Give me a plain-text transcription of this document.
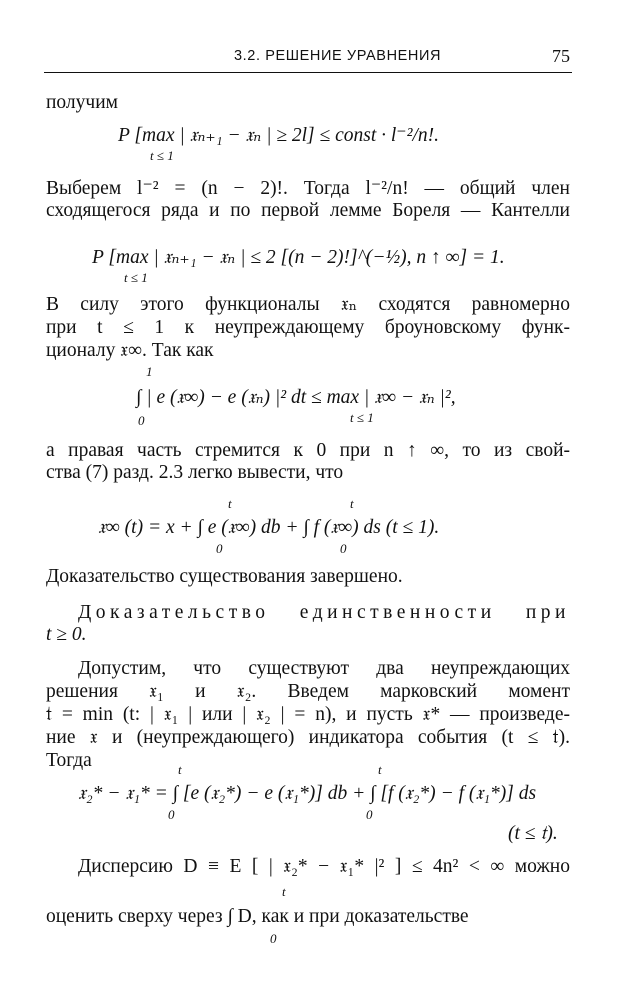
3.2. РЕШЕНИЕ УРАВНЕНИЯ	75
получим
P [max | 𝔵ₙ₊₁ − 𝔵ₙ | ≥ 2l] ≤ const · l⁻²/n!.
t ≤ 1
Выберем l⁻² = (n − 2)!. Тогда l⁻²/n! — общий член
сходящегося ряда и по первой лемме Бореля — Кантелли
P [max | 𝔵ₙ₊₁ − 𝔵ₙ | ≤ 2 [(n − 2)!]^(−½), n ↑ ∞] = 1.
t ≤ 1
В силу этого функционалы 𝔵ₙ сходятся равномерно
при t ≤ 1 к неупреждающему броуновскому функ-
ционалу 𝔵∞. Так как
1
∫ | e (𝔵∞) − e (𝔵ₙ) |² dt ≤ max | 𝔵∞ − 𝔵ₙ |²,
0	t ≤ 1
а правая часть стремится к 0 при n ↑ ∞, то из свой-
ства (7) разд. 2.3 легко вывести, что
t	t
𝔵∞ (t) = x + ∫ e (𝔵∞) db + ∫ f (𝔵∞) ds (t ≤ 1).
0	0
Доказательство существования завершено.
Доказательство единственности при
t ≥ 0.
Допустим, что существуют два неупреждающих
решения 𝔵₁ и 𝔵₂. Введем марковский момент
𝔱 = min (t: | 𝔵₁ | или | 𝔵₂ | = n), и пусть 𝔵* — произведе-
ние 𝔵 и (неупреждающего) индикатора события (t ≤ 𝔱).
Тогда	t	t
𝔵₂* − 𝔵₁* = ∫ [e (𝔵₂*) − e (𝔵₁*)] db + ∫ [f (𝔵₂*) − f (𝔵₁*)] ds
0	0
(t ≤ 𝔱).
Дисперсию D ≡ E [ | 𝔵₂* − 𝔵₁* |² ] ≤ 4n² < ∞ можно
t
оценить сверху через ∫ D, как и при доказательстве
0
